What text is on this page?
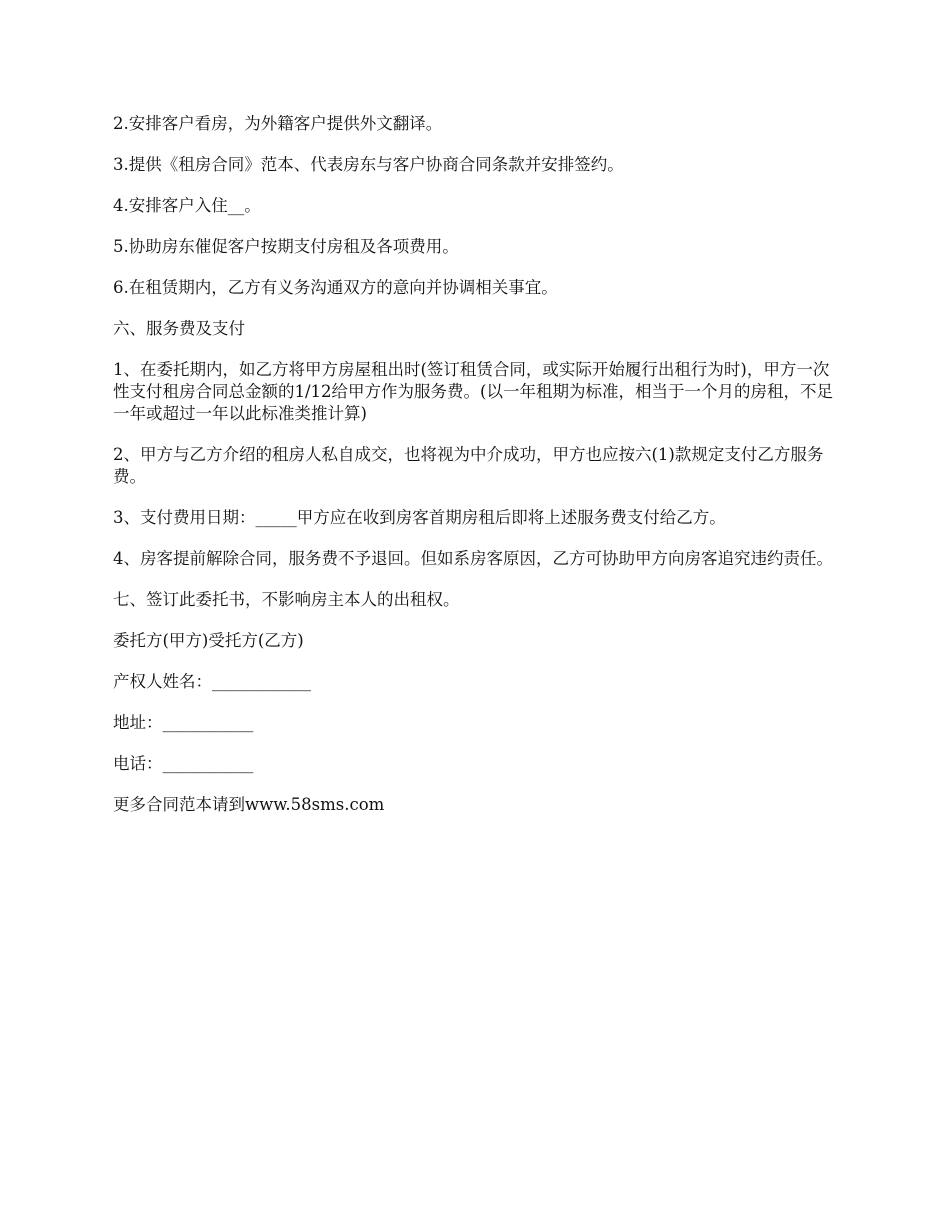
2.安排客户看房，为外籍客户提供外文翻译。

3.提供《租房合同》范本、代表房东与客户协商合同条款并安排签约。

4.安排客户入住__。

5.协助房东催促客户按期支付房租及各项费用。

6.在租赁期内，乙方有义务沟通双方的意向并协调相关事宜。

六、服务费及支付

1、在委托期内，如乙方将甲方房屋租出时(签订租赁合同，或实际开始履行出租行为时)，甲方一次性支付租房合同总金额的1/12给甲方作为服务费。(以一年租期为标准，相当于一个月的房租，不足一年或超过一年以此标准类推计算)

2、甲方与乙方介绍的租房人私自成交，也将视为中介成功，甲方也应按六(1)款规定支付乙方服务费。

3、支付费用日期：_____甲方应在收到房客首期房租后即将上述服务费支付给乙方。

4、房客提前解除合同，服务费不予退回。但如系房客原因，乙方可协助甲方向房客追究违约责任。

七、签订此委托书，不影响房主本人的出租权。

委托方(甲方)受托方(乙方)

产权人姓名：____________

地址：___________

电话：___________

更多合同范本请到www.58sms.com
